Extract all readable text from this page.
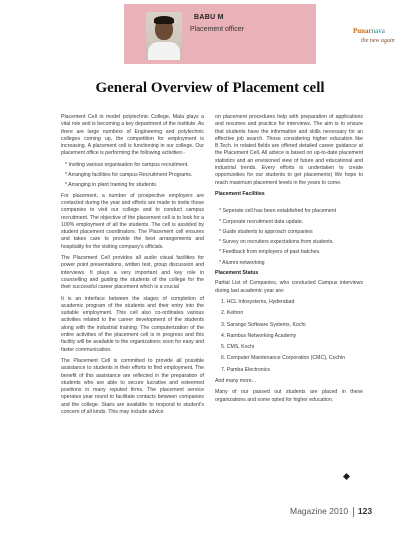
BABU M
Placement officer	Punarnava
the new again
General Overview of Placement cell

Placement Cell in model polytechnic College, Mala plays a vital role and is becoming a key department of the institute. As there are large numbers of Engineering and polytechnic colleges coming up, the competition for employment is increasing. A placement cell is functioning in our college. Our placement office is performing the following activities:-

* Inviting various organisation for campus recruitment.
* Arranging facilities for campus Recruitment Programs.
* Arranging in plant training for students.

For placement, a number of prospective employers are contacted during the year and efforts are made to invite those companies to visit our college and to conduct campus recruitment. The objective of the placement cell is to look for a 100% employment of all the students. The cell is assisted by student placement coordinators. The Placement cell ensures and takes care to provide the best arrangements and hospitality for the visiting company's officials.

The Placement Cell provides all audio visual facilities for power point presentations, written test, group discussion and interviews. It plays a very important and key role in counselling and guiding the students of the college for the their successful career placement which is a crucial

It is an interface between the stages of completion of academic program of the students and their entry into the suitable employment. This cell also co-ordinates various activities related to the career development of the students along with the industrial training. The computerization of the entire activities of the placement cell is in progress and this facility will be available to the organizations soon for easy and faster communication.

The Placement Cell is committed to provide all possible assistance to students in their efforts to find employment. The benefit of this assistance are reflected in the preparation of students who are able to secure lucrative and esteemed positions in many reputed firms. The placement service operates year round to facilitate contacts between companies and the college. Stairs are available to respond to student's concern of all kinds. This may include advice

on placement procedures help with preparation of applications and resumes and practice for interviews. The aim is to ensure that students have the information and skills necessary for an effective job search. Those considering higher education like B.Tech. in related fields are offered detailed career guidance at the Placement Cell. All advice is based on up-to-date placement statistics and an envisioned view of future and educational and industrial trends. Every efforts is undertaken to create opportunities for our students to get placements) We hope to reach maximum placement levels in the years to come.

Placement Facilities
* Seperate cell has been established for placement
* Corporate recruitment data update.
* Guide students to approach companies
* Survey on recruiters expectations from students.
* Feedback from employers of past batches.
* Alumni networking
Placement Status

Partial List of Companies, who conducted Campus interviews during last academic year are:

1. HCL Infosystems, Hyderabad
2. Keltron
3. Sarango Software Systems, Kochi
4. Rambus Networking Academy
5. CMS, Kochi
6. Computer Maintenance Corporation (CMC), Cochin
7. Pamba Electronics

And many more...

Many of our passed out students are placed in these organizations and some opted for higher education.

Magazine 2010 123
